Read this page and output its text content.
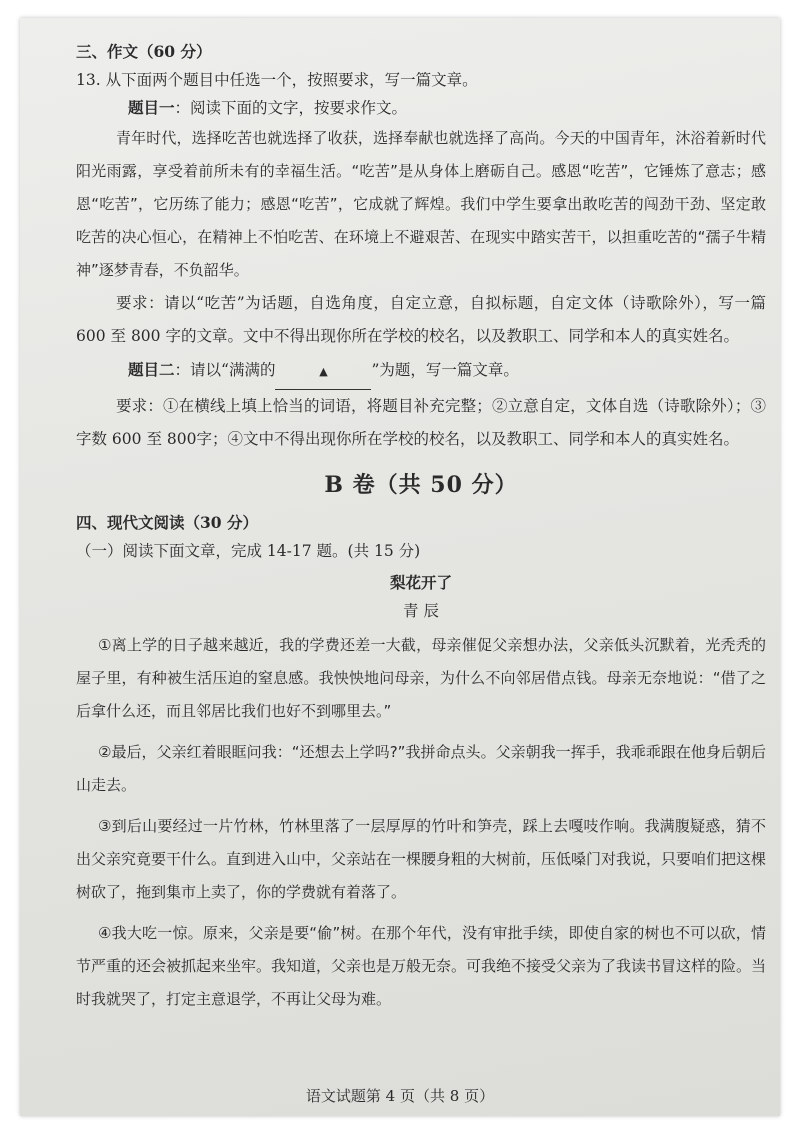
三、作文（60 分）
13. 从下面两个题目中任选一个，按照要求，写一篇文章。
题目一：阅读下面的文字，按要求作文。
青年时代，选择吃苦也就选择了收获，选择奉献也就选择了高尚。今天的中国青年，沐浴着新时代阳光雨露，享受着前所未有的幸福生活。“吃苦”是从身体上磨砺自己。感恩“吃苦”，它锤炼了意志；感恩“吃苦”，它历练了能力；感恩“吃苦”，它成就了辉煌。我们中学生要拿出敢吃苦的闯劲干劲、坚定敢吃苦的决心恒心，在精神上不怕吃苦、在环境上不避艰苦、在现实中踏实苦干，以担重吃苦的“孺子牛精神”逐梦青春，不负韶华。
要求：请以“吃苦”为话题，自选角度，自定立意，自拟标题，自定文体（诗歌除外），写一篇 600 至 800 字的文章。文中不得出现你所在学校的校名，以及教职工、同学和本人的真实姓名。
题目二：请以“满满的	▲	”为题，写一篇文章。
要求：①在横线上填上恰当的词语，将题目补充完整；②立意自定，文体自选（诗歌除外）；③字数 600 至 800字；④文中不得出现你所在学校的校名，以及教职工、同学和本人的真实姓名。
B 卷（共 50 分）
四、现代文阅读（30 分）
（一）阅读下面文章，完成 14-17 题。(共 15 分)
梨花开了
青 辰
①离上学的日子越来越近，我的学费还差一大截，母亲催促父亲想办法，父亲低头沉默着，光秃秃的屋子里，有种被生活压迫的窒息感。我怏怏地问母亲，为什么不向邻居借点钱。母亲无奈地说：“借了之后拿什么还，而且邻居比我们也好不到哪里去。”
②最后，父亲红着眼眶问我：“还想去上学吗?”我拼命点头。父亲朝我一挥手，我乖乖跟在他身后朝后山走去。
③到后山要经过一片竹林，竹林里落了一层厚厚的竹叶和笋壳，踩上去嘎吱作响。我满腹疑惑，猜不出父亲究竟要干什么。直到进入山中，父亲站在一棵腰身粗的大树前，压低嗓门对我说，只要咱们把这棵树砍了，拖到集市上卖了，你的学费就有着落了。
④我大吃一惊。原来，父亲是要“偷”树。在那个年代，没有审批手续，即使自家的树也不可以砍，情节严重的还会被抓起来坐牢。我知道，父亲也是万般无奈。可我绝不接受父亲为了我读书冒这样的险。当时我就哭了，打定主意退学，不再让父母为难。
语文试题第 4 页（共 8 页）
